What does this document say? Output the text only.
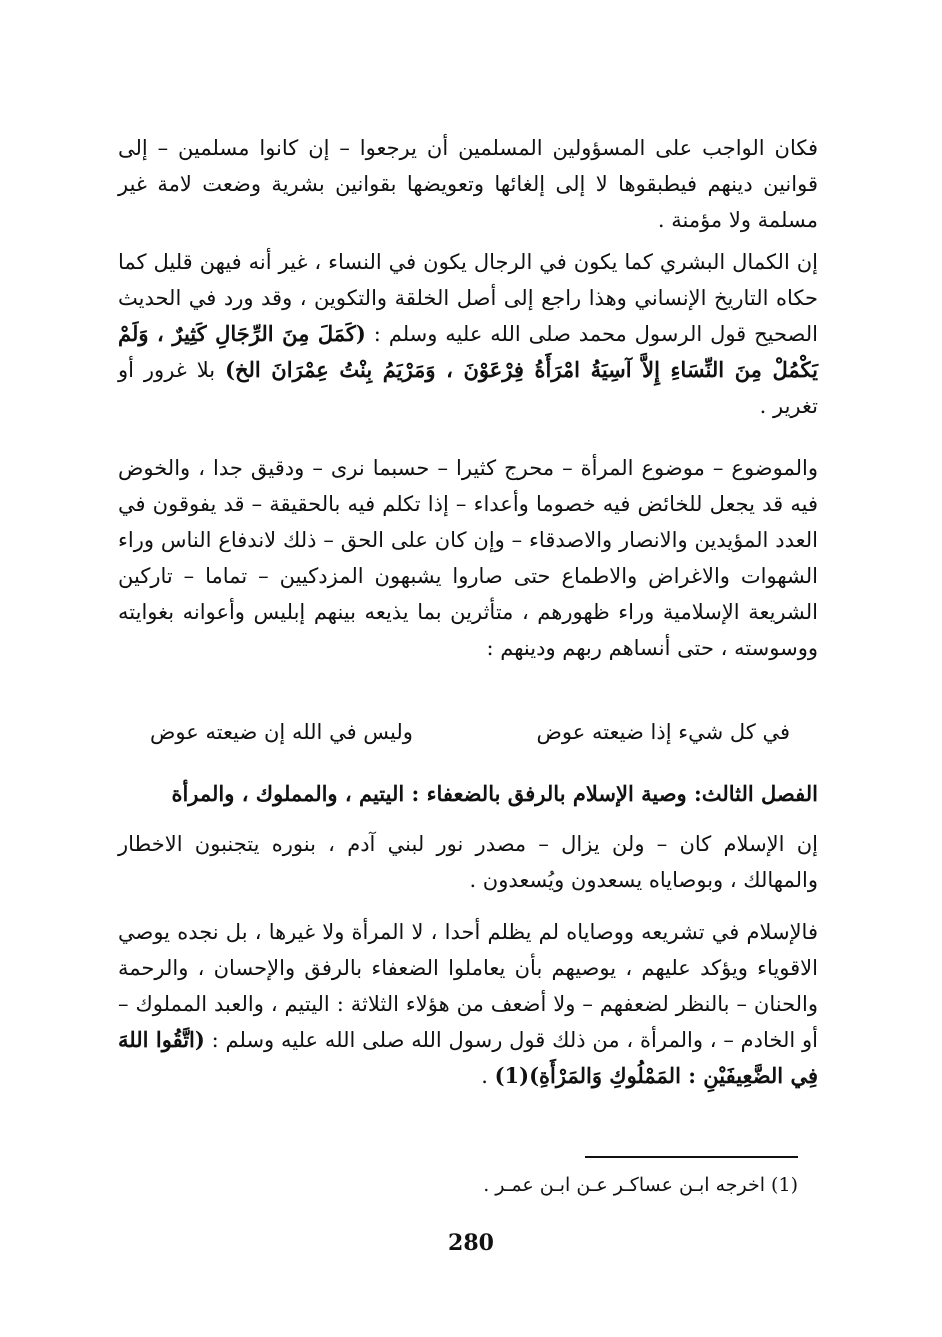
فكان الواجب على المسؤولين المسلمين أن يرجعوا – إن كانوا مسلمين – إلى قوانين دينهم فيطبقوها لا إلى إلغائها وتعويضها بقوانين بشرية وضعت لامة غير مسلمة ولا مؤمنة .
إن الكمال البشري كما يكون في الرجال يكون في النساء ، غير أنه فيهن قليل كما حكاه التاريخ الإنساني وهذا راجع إلى أصل الخلقة والتكوين ، وقد ورد في الحديث الصحيح قول الرسول محمد صلى الله عليه وسلم : (كَمَلَ مِنَ الرِّجَالِ كَثِيرٌ ، وَلَمْ يَكْمُلْ مِنَ النِّسَاءِ إِلاَّ آسِيَةُ امْرَأَةُ فِرْعَوْنَ ، وَمَرْيَمُ بِنْتُ عِمْرَانَ الخ) بلا غرور أو تغرير .
والموضوع – موضوع المرأة – محرج كثيرا – حسبما نرى – ودقيق جدا ، والخوض فيه قد يجعل للخائض فيه خصوما وأعداء – إذا تكلم فيه بالحقيقة – قد يفوقون في العدد المؤيدين والانصار والاصدقاء – وإن كان على الحق – ذلك لاندفاع الناس وراء الشهوات والاغراض والاطماع حتى صاروا يشبهون المزدكيين – تماما – تاركين الشريعة الإسلامية وراء ظهورهم ، متأثرين بما يذيعه بينهم إبليس وأعوانه بغوايته ووسوسته ، حتى أنساهم ربهم ودينهم :
في كل شيء إذا ضيعته عوض
وليس في الله إن ضيعته عوض
الفصل الثالث: وصية الإسلام بالرفق بالضعفاء : اليتيم ، والمملوك ، والمرأة
إن الإسلام كان – ولن يزال – مصدر نور لبني آدم ، بنوره يتجنبون الاخطار والمهالك ، وبوصاياه يسعدون ويُسعدون .
فالإسلام في تشريعه ووصاياه لم يظلم أحدا ، لا المرأة ولا غيرها ، بل نجده يوصي الاقوياء ويؤكد عليهم ، يوصيهم بأن يعاملوا الضعفاء بالرفق والإحسان ، والرحمة والحنان – بالنظر لضعفهم – ولا أضعف من هؤلاء الثلاثة : اليتيم ، والعبد المملوك – أو الخادم – ، والمرأة ، من ذلك قول رسول الله صلى الله عليه وسلم : (اتَّقُوا اللهَ فِي الضَّعِيفَيْنِ : المَمْلُوكِ وَالمَرْأَةِ)(1) .
(1) اخرجه ابـن عساكـر عـن ابـن عمـر .
280
